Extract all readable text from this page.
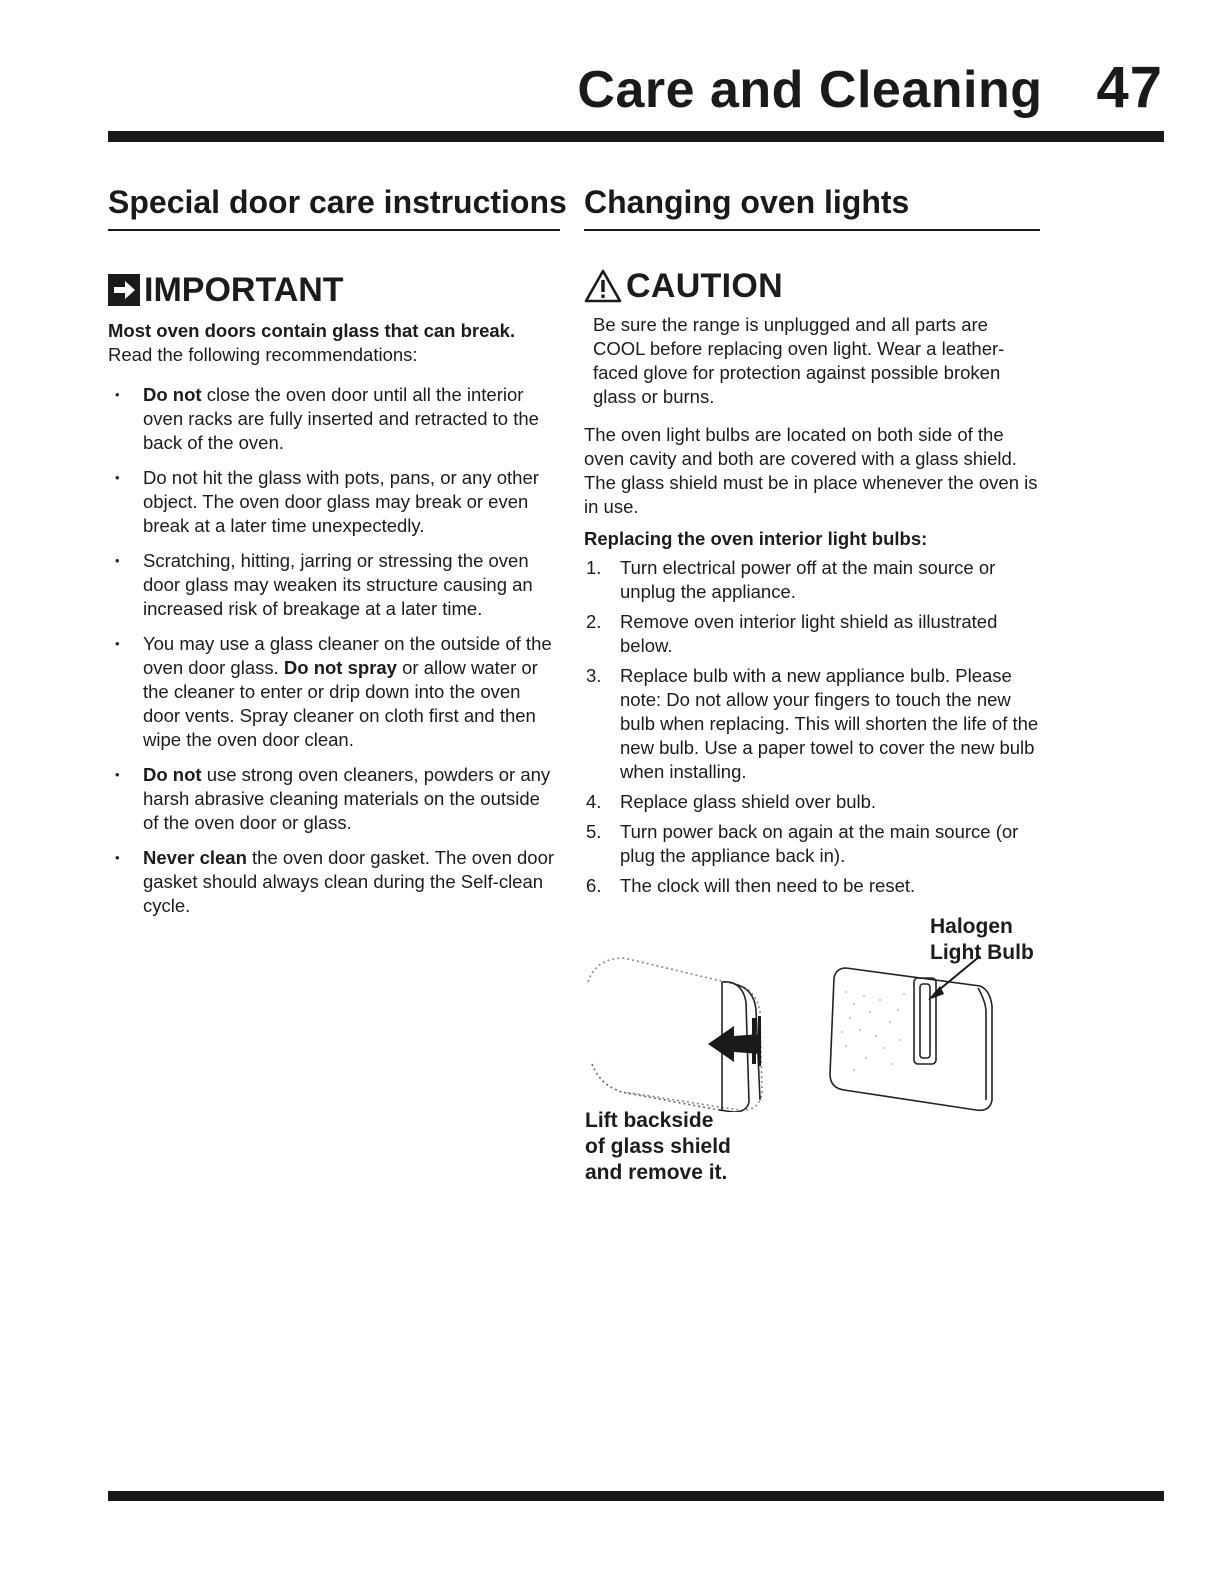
Care and Cleaning 47
Special door care instructions
IMPORTANT
Most oven doors contain glass that can break.
Read the following recommendations:
• Do not close the oven door until all the interior oven racks are fully inserted and retracted to the back of the oven.
• Do not hit the glass with pots, pans, or any other object. The oven door glass may break or even break at a later time unexpectedly.
• Scratching, hitting, jarring or stressing the oven door glass may weaken its structure causing an increased risk of breakage at a later time.
• You may use a glass cleaner on the outside of the oven door glass. Do not spray or allow water or the cleaner to enter or drip down into the oven door vents. Spray cleaner on cloth first and then wipe the oven door clean.
• Do not use strong oven cleaners, powders or any harsh abrasive cleaning materials on the outside of the oven door or glass.
• Never clean the oven door gasket. The oven door gasket should always clean during the Self-clean cycle.
Changing oven lights
CAUTION
Be sure the range is unplugged and all parts are COOL before replacing oven light. Wear a leather-faced glove for protection against possible broken glass or burns.
The oven light bulbs are located on both side of the oven cavity and both are covered with a glass shield. The glass shield must be in place whenever the oven is in use.
Replacing the oven interior light bulbs:
1. Turn electrical power off at the main source or unplug the appliance.
2. Remove oven interior light shield as illustrated below.
3. Replace bulb with a new appliance bulb. Please note: Do not allow your fingers to touch the new bulb when replacing. This will shorten the life of the new bulb. Use a paper towel to cover the new bulb when installing.
4. Replace glass shield over bulb.
5. Turn power back on again at the main source (or plug the appliance back in).
6. The clock will then need to be reset.
Halogen
Light Bulb
Lift backside
of glass shield
and remove it.
